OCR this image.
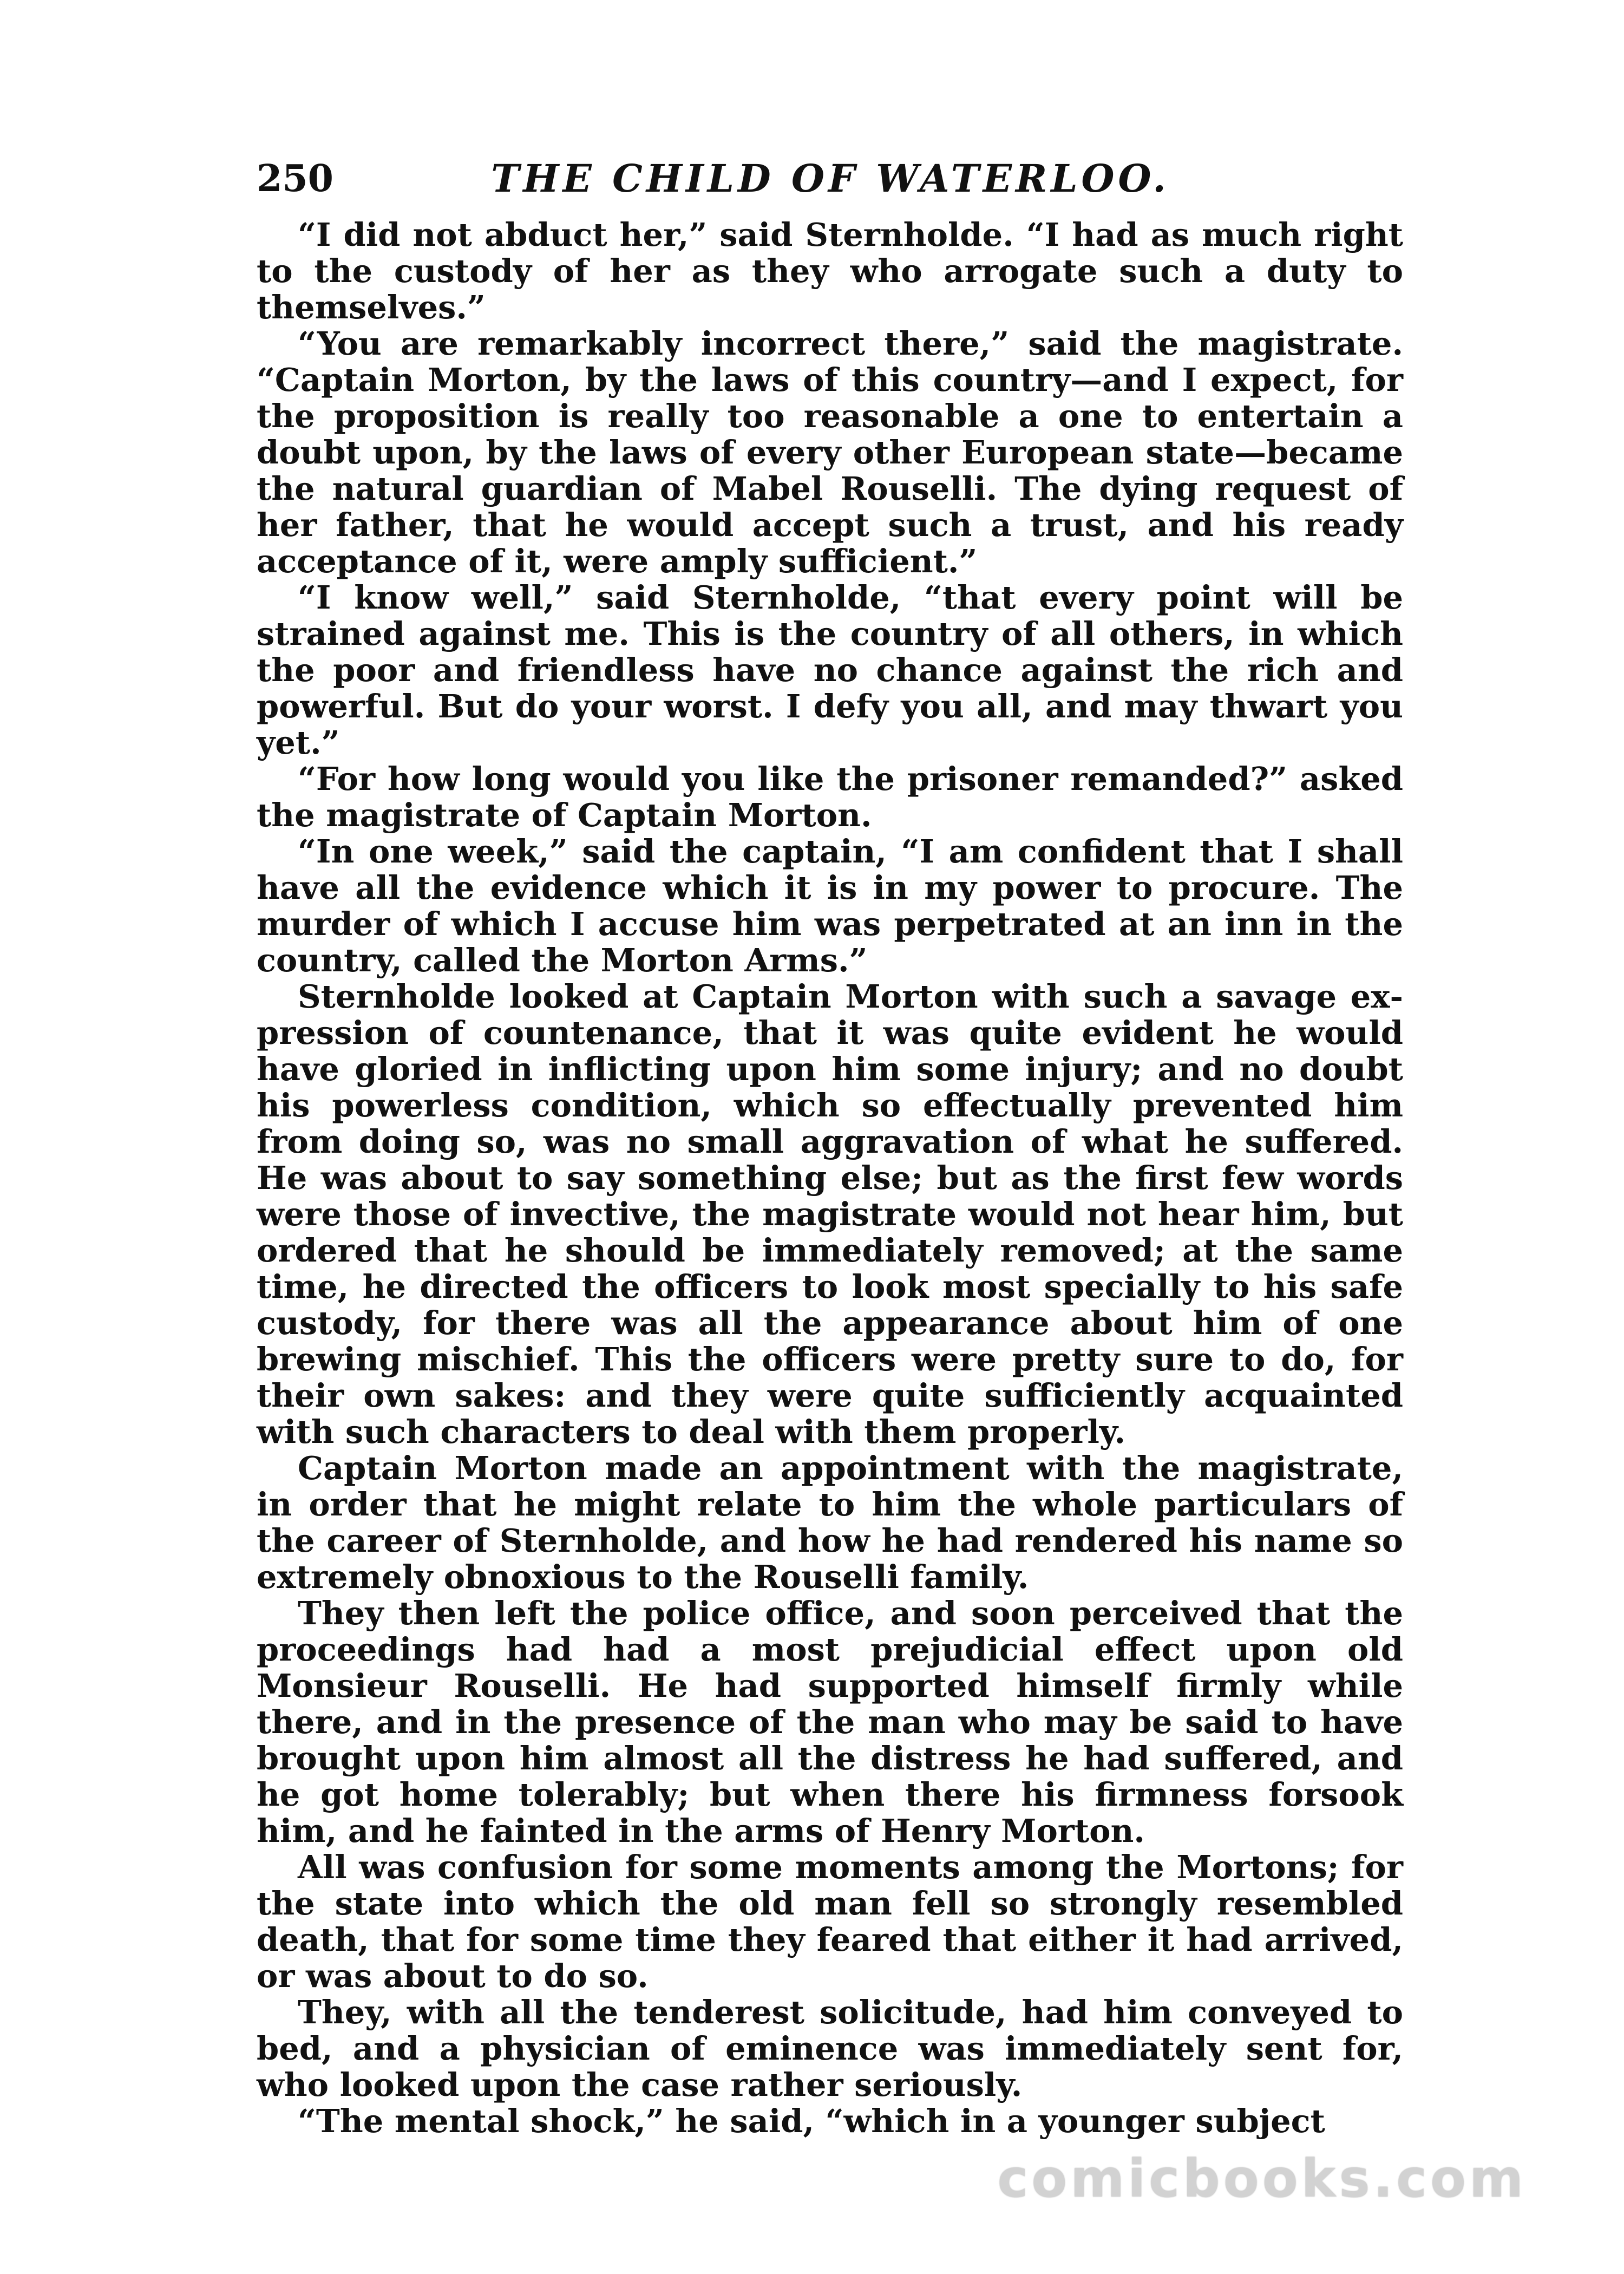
250	THE CHILD OF WATERLOO.

“I did not abduct her,” said Sternholde. “I had as much right to the custody of her as they who arrogate such a duty to themselves.”

“You are remarkably incorrect there,” said the magistrate. “Captain Morton, by the laws of this country—and I expect, for the proposition is really too reasonable a one to entertain a doubt upon, by the laws of every other European state—became the natural guardian of Mabel Rouselli. The dying request of her father, that he would accept such a trust, and his ready acceptance of it, were amply sufficient.”

“I know well,” said Sternholde, “that every point will be strained against me. This is the country of all others, in which the poor and friendless have no chance against the rich and powerful. But do your worst. I defy you all, and may thwart you yet.”

“For how long would you like the prisoner remanded?” asked the magistrate of Captain Morton.

“In one week,” said the captain, “I am confident that I shall have all the evidence which it is in my power to procure. The murder of which I accuse him was perpetrated at an inn in the country, called the Morton Arms.”

Sternholde looked at Captain Morton with such a savage expression of countenance, that it was quite evident he would have gloried in inflicting upon him some injury; and no doubt his powerless condition, which so effectually prevented him from doing so, was no small aggravation of what he suffered. He was about to say something else; but as the first few words were those of invective, the magistrate would not hear him, but ordered that he should be immediately removed; at the same time, he directed the officers to look most specially to his safe custody, for there was all the appearance about him of one brewing mischief. This the officers were pretty sure to do, for their own sakes: and they were quite sufficiently acquainted with such characters to deal with them properly.

Captain Morton made an appointment with the magistrate, in order that he might relate to him the whole particulars of the career of Sternholde, and how he had rendered his name so extremely obnoxious to the Rouselli family.

They then left the police office, and soon perceived that the proceedings had had a most prejudicial effect upon old Monsieur Rouselli. He had supported himself firmly while there, and in the presence of the man who may be said to have brought upon him almost all the distress he had suffered, and he got home tolerably; but when there his firmness forsook him, and he fainted in the arms of Henry Morton.

All was confusion for some moments among the Mortons; for the state into which the old man fell so strongly resembled death, that for some time they feared that either it had arrived, or was about to do so.

They, with all the tenderest solicitude, had him conveyed to bed, and a physician of eminence was immediately sent for, who looked upon the case rather seriously.

“The mental shock,” he said, “which in a younger subject

comicbooks.com
